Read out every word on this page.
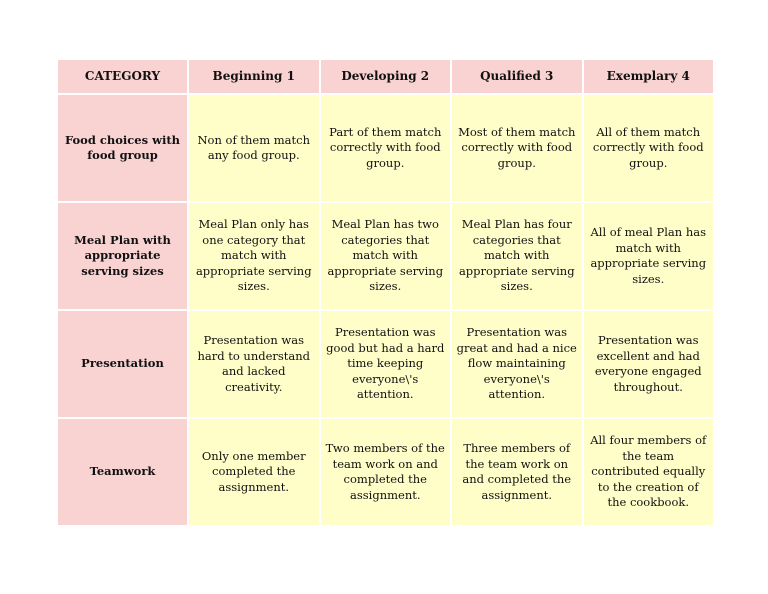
CATEGORY	Beginning 1	Developing 2	Qualified 3	Exemplary 4
Food choices with food group	Non of them match any food group.	Part of them match correctly with food group.	Most of them match correctly with food group.	All of them match correctly with food group.
Meal Plan with appropriate serving sizes	Meal Plan only has one category that match with appropriate serving sizes.	Meal Plan has two categories that match with appropriate serving sizes.	Meal Plan has four categories that match with appropriate serving sizes.	All of meal Plan has match with appropriate serving sizes.
Presentation	Presentation was hard to understand and lacked creativity.	Presentation was good but had a hard time keeping everyone\'s attention.	Presentation was great and had a nice flow maintaining everyone\'s attention.	Presentation was excellent and had everyone engaged throughout.
Teamwork	Only one member completed the assignment.	Two members of the team work on and completed the assignment.	Three members of the team work on and completed the assignment.	All four members of the team contributed equally to the creation of the cookbook.
